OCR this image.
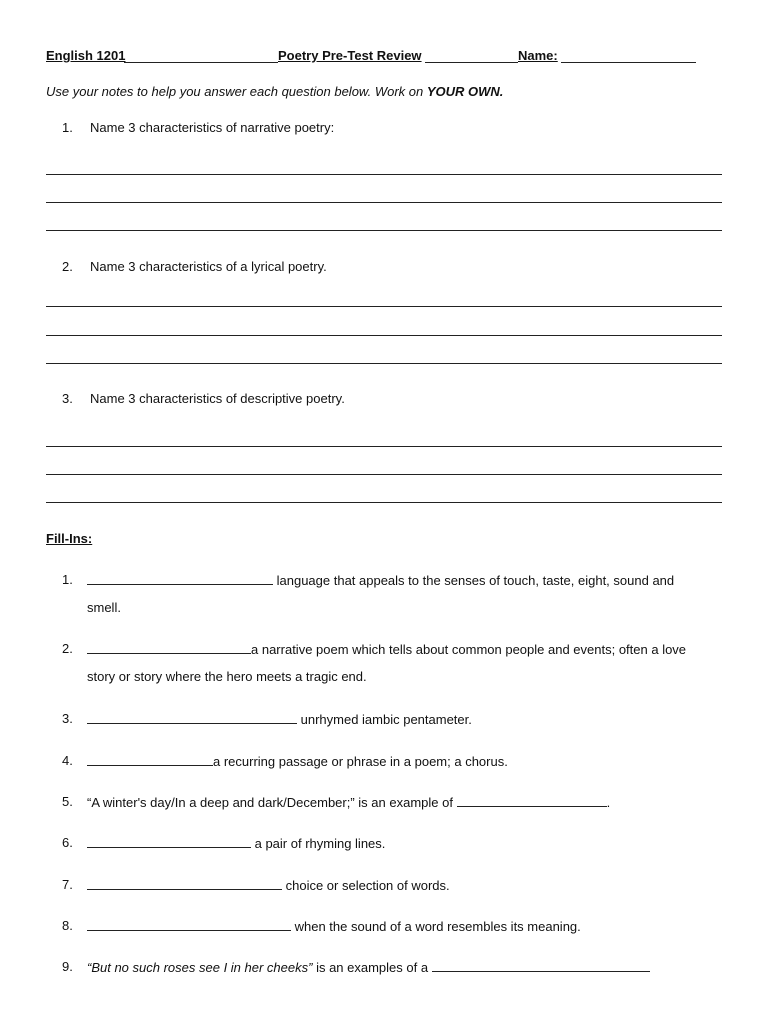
English 1201	Poetry Pre-Test Review	Name:
Use your notes to help you answer each question below. Work on YOUR OWN.
1. Name 3 characteristics of narrative poetry:
2. Name 3 characteristics of a lyrical poetry.
3. Name 3 characteristics of descriptive poetry.
Fill-Ins:
1.	language that appeals to the senses of touch, taste, eight, sound and
smell.
2.	a narrative poem which tells about common people and events; often a love
story or story where the hero meets a tragic end.
3.	unrhymed iambic pentameter.
4.	a recurring passage or phrase in a poem; a chorus.
5. “A winter's day/In a deep and dark/December;” is an example of	.
6.	a pair of rhyming lines.
7.	choice or selection of words.
8.	when the sound of a word resembles its meaning.
9. “But no such roses see I in her cheeks” is an examples of a
